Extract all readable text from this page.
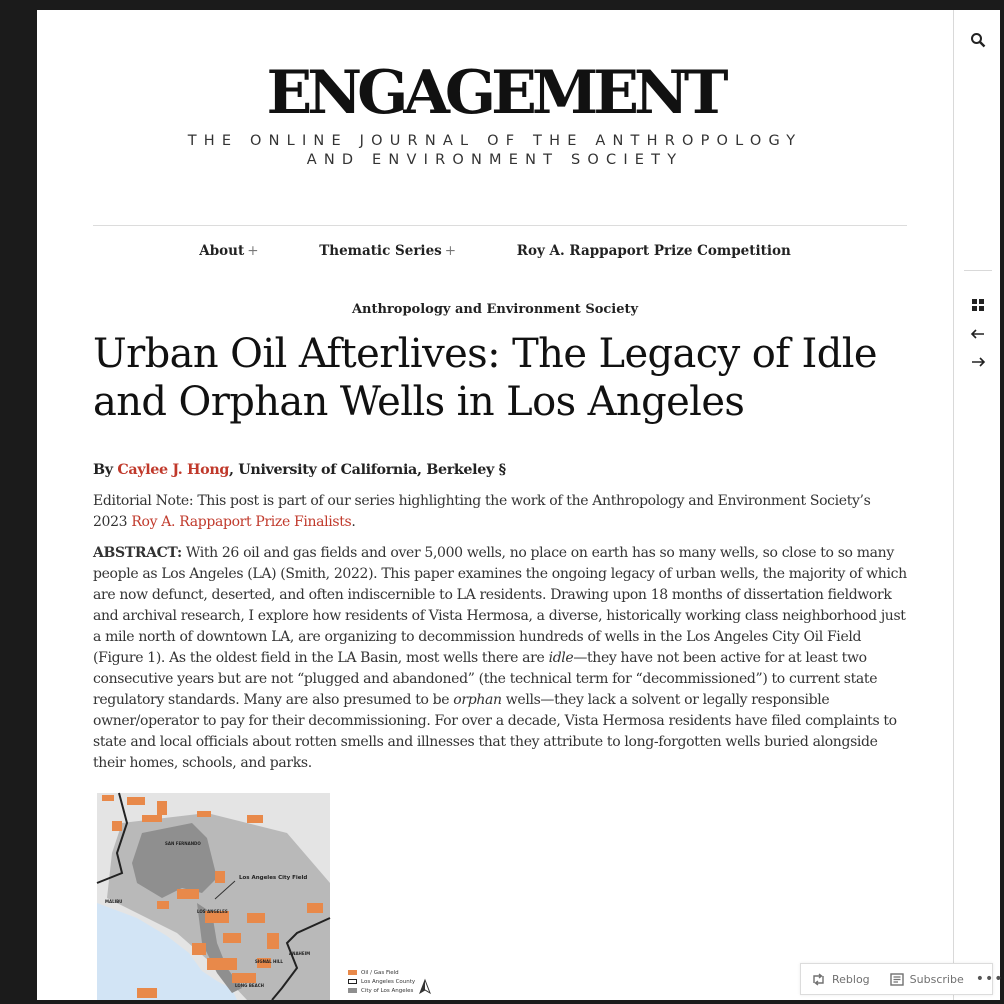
ENGAGEMENT
THE ONLINE JOURNAL OF THE ANTHROPOLOGY AND ENVIRONMENT SOCIETY
About +	Thematic Series +	Roy A. Rappaport Prize Competition
Anthropology and Environment Society
Urban Oil Afterlives: The Legacy of Idle and Orphan Wells in Los Angeles

By Caylee J. Hong, University of California, Berkeley §

Editorial Note: This post is part of our series highlighting the work of the Anthropology and Environment Society’s 2023 Roy A. Rappaport Prize Finalists.

ABSTRACT: With 26 oil and gas fields and over 5,000 wells, no place on earth has so many wells, so close to so many people as Los Angeles (LA) (Smith, 2022). This paper examines the ongoing legacy of urban wells, the majority of which are now defunct, deserted, and often indiscernible to LA residents. Drawing upon 18 months of dissertation fieldwork and archival research, I explore how residents of Vista Hermosa, a diverse, historically working class neighborhood just a mile north of downtown LA, are organizing to decommission hundreds of wells in the Los Angeles City Oil Field (Figure 1). As the oldest field in the LA Basin, most wells there are idle—they have not been active for at least two consecutive years but are not “plugged and abandoned” (the technical term for “decommissioned”) to current state regulatory standards. Many are also presumed to be orphan wells—they lack a solvent or legally responsible owner/operator to pay for their decommissioning. For over a decade, Vista Hermosa residents have filed complaints to state and local officials about rotten smells and illnesses that they attribute to long-forgotten wells buried alongside their homes, schools, and parks.

SAN FERNANDO
Los Angeles City Field
LOS ANGELES
MALIBU
SIGNAL HILL
ANAHEIM
LONG BEACH
Oil / Gas Field
Los Angeles County
City of Los Angeles
Reblog	Subscribe •••
